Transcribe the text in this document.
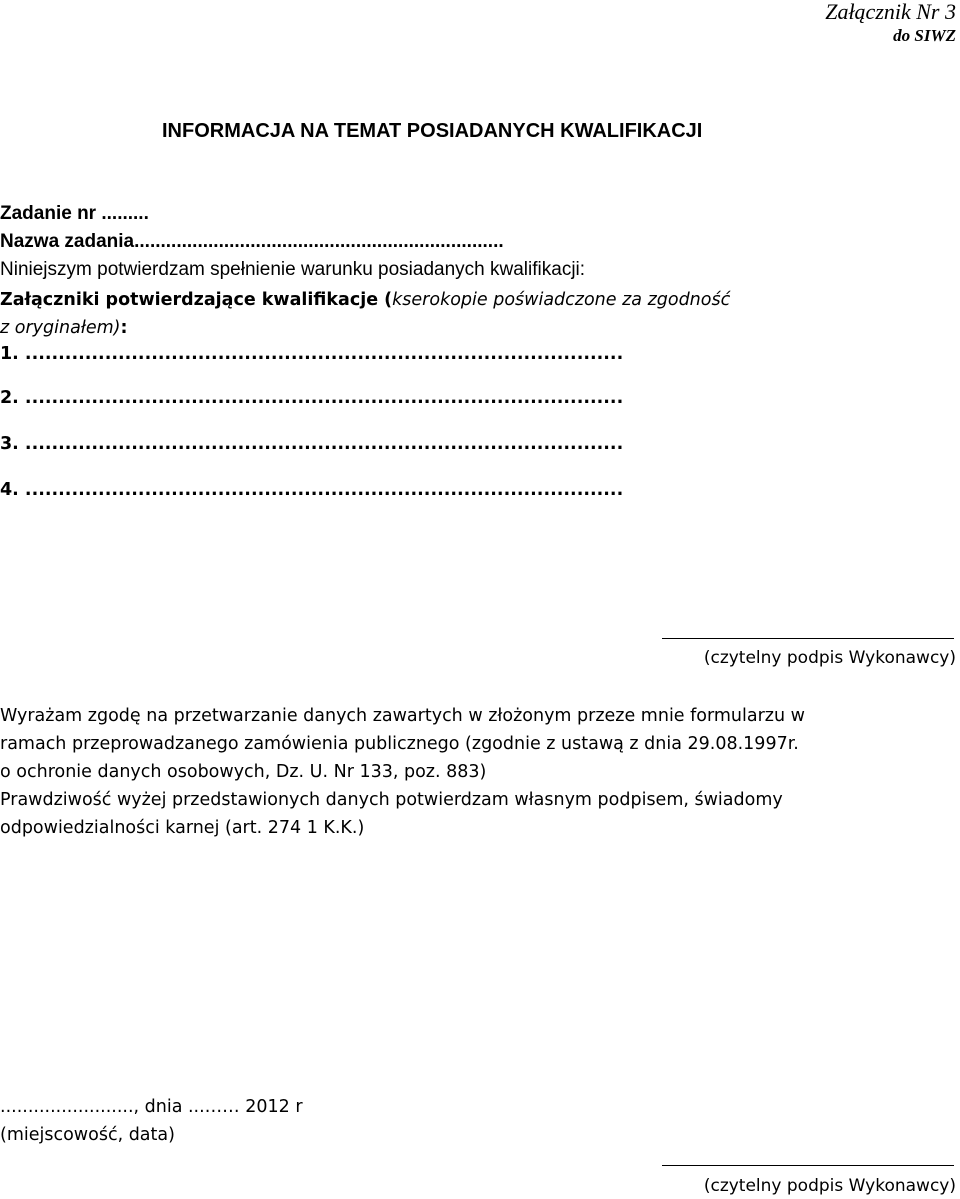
Załącznik Nr 3
do SIWZ
INFORMACJA NA TEMAT POSIADANYCH KWALIFIKACJI
Zadanie nr .........
Nazwa zadania......................................................................
Niniejszym potwierdzam spełnienie warunku posiadanych kwalifikacji:
Załączniki potwierdzające kwalifikacje (kserokopie poświadczone za zgodność
z oryginałem):
1. ..........................................................................................
2. ..........................................................................................
3. ..........................................................................................
4. ..........................................................................................
(czytelny podpis Wykonawcy)
Wyrażam zgodę na przetwarzanie danych zawartych w złożonym przeze mnie formularzu w
ramach przeprowadzanego zamówienia publicznego (zgodnie z ustawą z dnia 29.08.1997r.
o ochronie danych osobowych, Dz. U. Nr 133, poz. 883)
Prawdziwość wyżej przedstawionych danych potwierdzam własnym podpisem, świadomy
odpowiedzialności karnej (art. 274 1 K.K.)
........................, dnia ...…… 2012 r
(miejscowość, data)
(czytelny podpis Wykonawcy)
